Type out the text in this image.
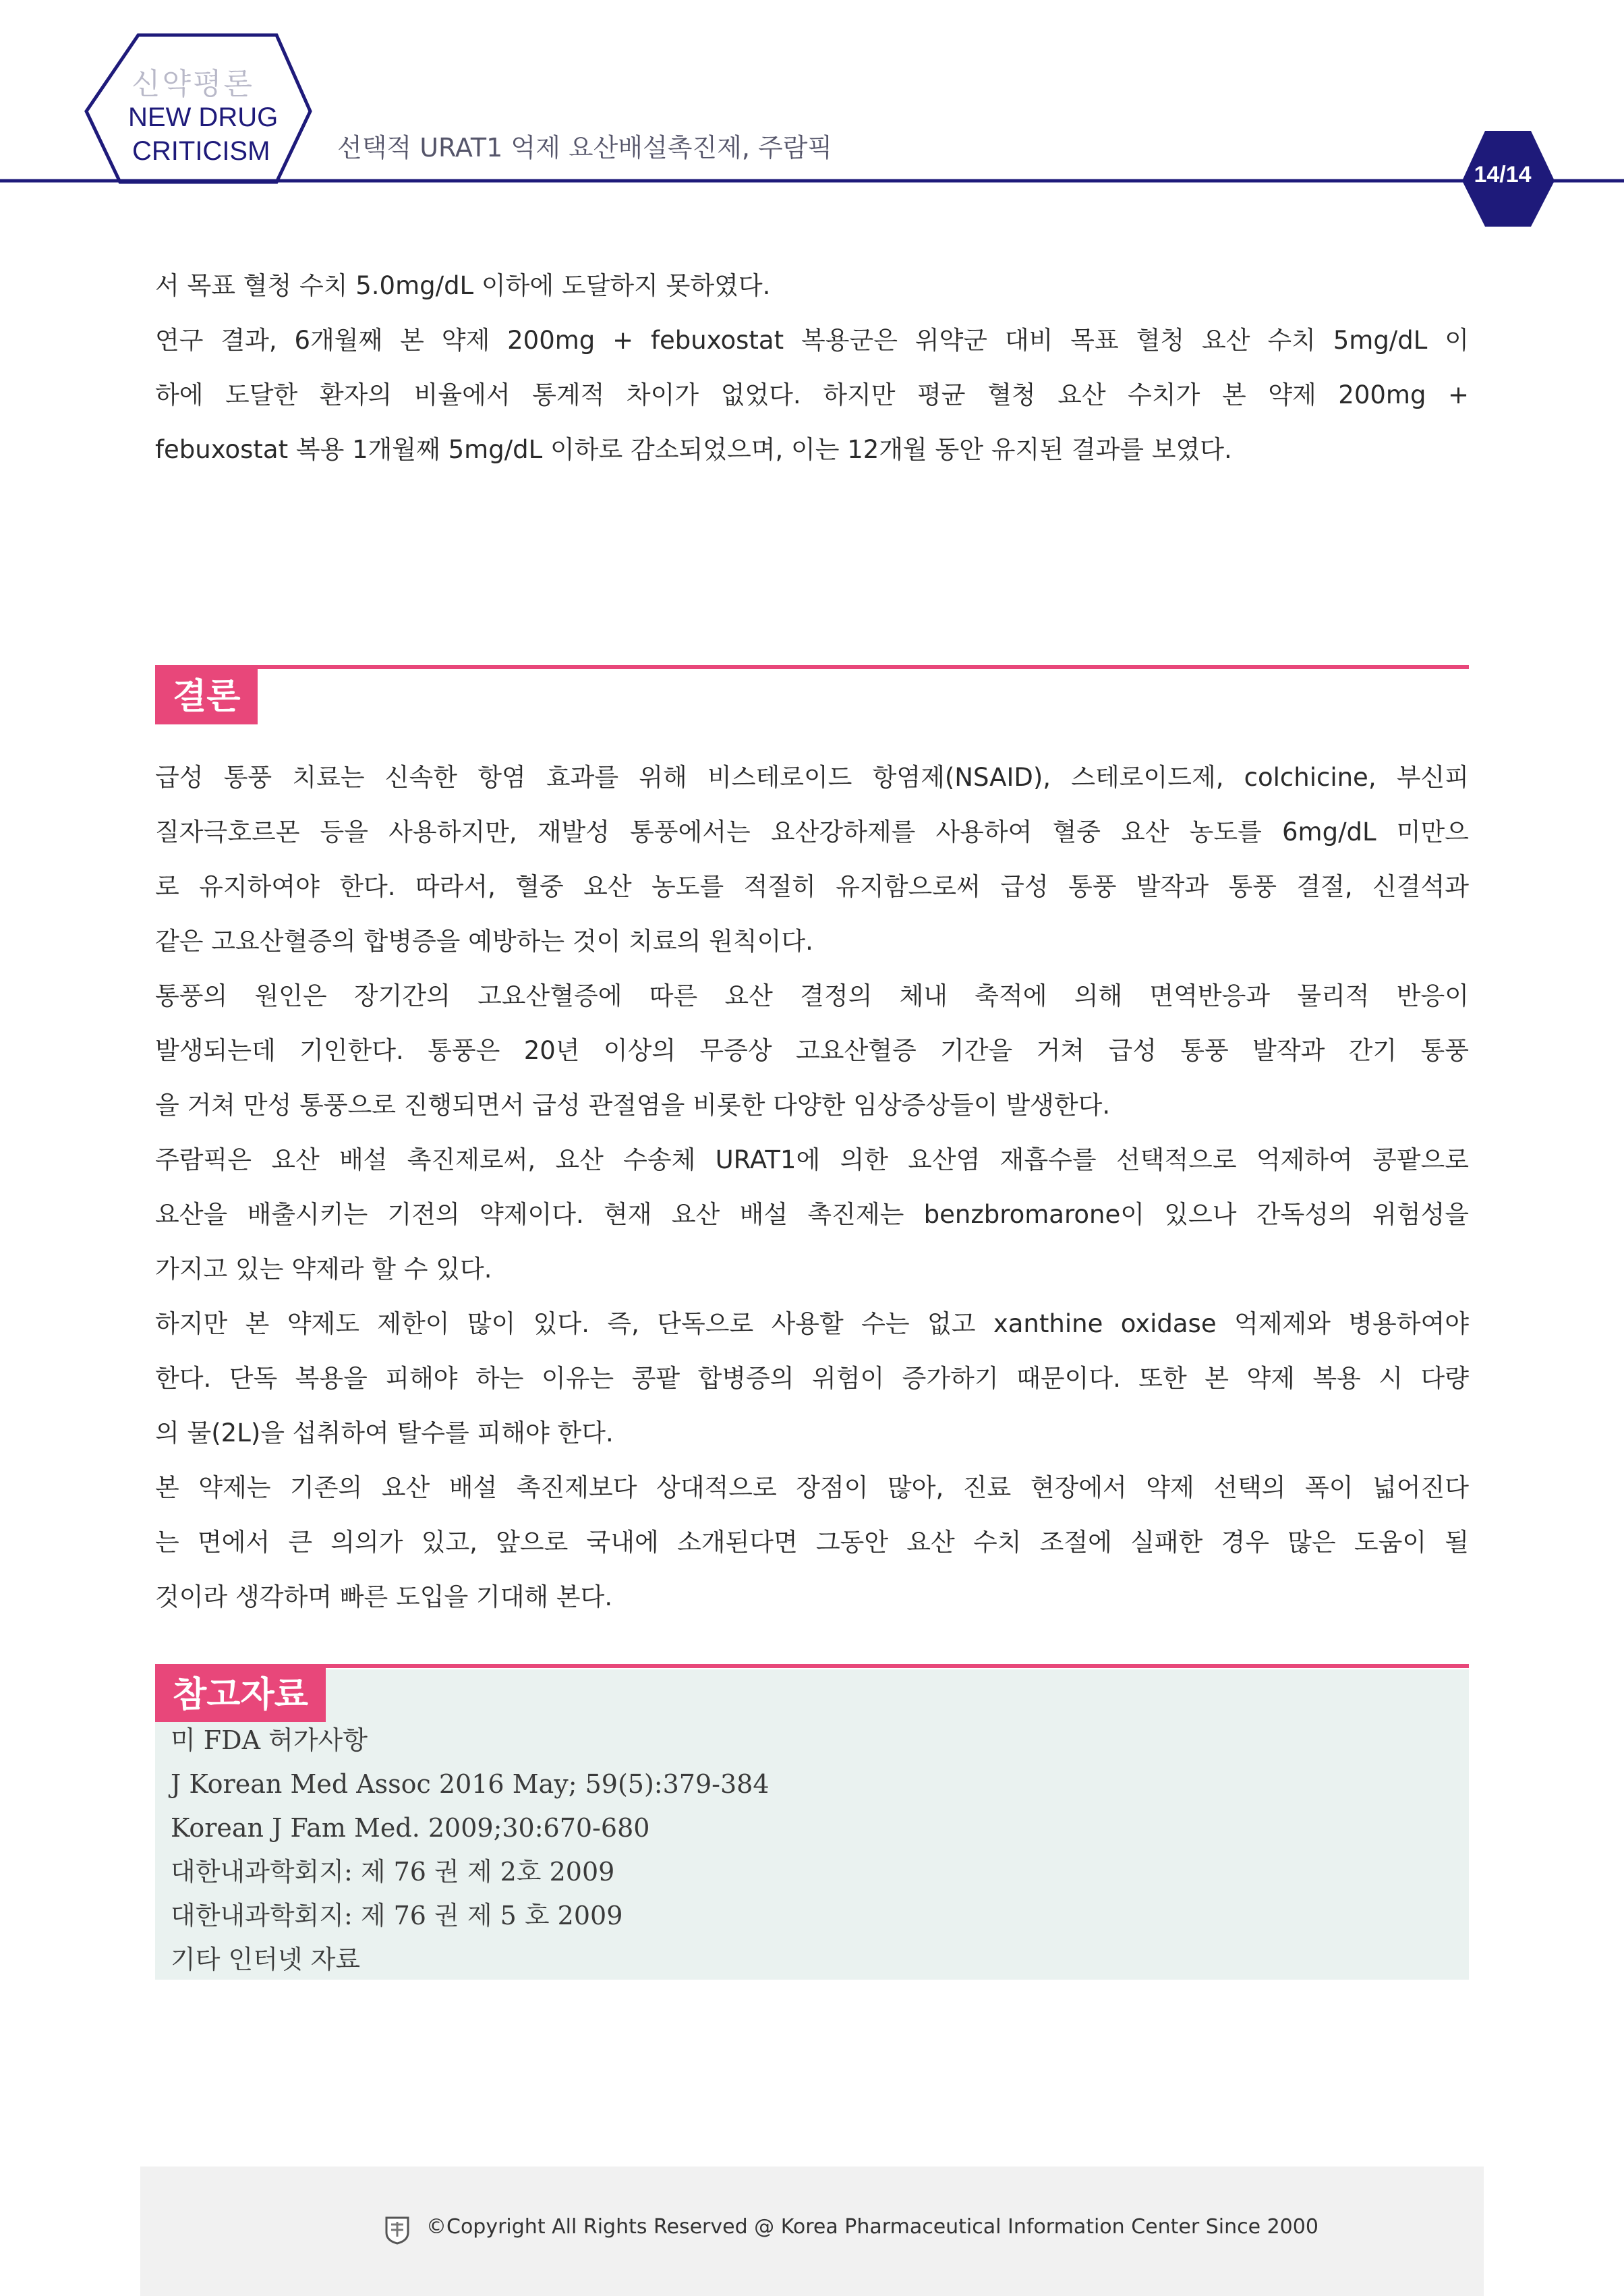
신약평론
NEW DRUG
CRITICISM	선택적 URAT1 억제 요산배설촉진제, 주람픽
14/14
서 목표 혈청 수치 5.0mg/dL 이하에 도달하지 못하였다.
연구 결과, 6개월째 본 약제 200mg + febuxostat 복용군은 위약군 대비 목표 혈청 요산 수치 5mg/dL 이
하에 도달한 환자의 비율에서 통계적 차이가 없었다. 하지만 평균 혈청 요산 수치가 본 약제 200mg +
febuxostat 복용 1개월째 5mg/dL 이하로 감소되었으며, 이는 12개월 동안 유지된 결과를 보였다.
결론
급성 통풍 치료는 신속한 항염 효과를 위해 비스테로이드 항염제(NSAID), 스테로이드제, colchicine, 부신피
질자극호르몬 등을 사용하지만, 재발성 통풍에서는 요산강하제를 사용하여 혈중 요산 농도를 6mg/dL 미만으
로 유지하여야 한다. 따라서, 혈중 요산 농도를 적절히 유지함으로써 급성 통풍 발작과 통풍 결절, 신결석과
같은 고요산혈증의 합병증을 예방하는 것이 치료의 원칙이다.
통풍의 원인은 장기간의 고요산혈증에 따른 요산 결정의 체내 축적에 의해 면역반응과 물리적 반응이
발생되는데 기인한다. 통풍은 20년 이상의 무증상 고요산혈증 기간을 거쳐 급성 통풍 발작과 간기 통풍
을 거쳐 만성 통풍으로 진행되면서 급성 관절염을 비롯한 다양한 임상증상들이 발생한다.
주람픽은 요산 배설 촉진제로써, 요산 수송체 URAT1에 의한 요산염 재흡수를 선택적으로 억제하여 콩팥으로
요산을 배출시키는 기전의 약제이다. 현재 요산 배설 촉진제는 benzbromarone이 있으나 간독성의 위험성을
가지고 있는 약제라 할 수 있다.
하지만 본 약제도 제한이 많이 있다. 즉, 단독으로 사용할 수는 없고 xanthine oxidase 억제제와 병용하여야
한다. 단독 복용을 피해야 하는 이유는 콩팥 합병증의 위험이 증가하기 때문이다. 또한 본 약제 복용 시 다량
의 물(2L)을 섭취하여 탈수를 피해야 한다.
본 약제는 기존의 요산 배설 촉진제보다 상대적으로 장점이 많아, 진료 현장에서 약제 선택의 폭이 넓어진다
는 면에서 큰 의의가 있고, 앞으로 국내에 소개된다면 그동안 요산 수치 조절에 실패한 경우 많은 도움이 될
것이라 생각하며 빠른 도입을 기대해 본다.
참고자료
미 FDA 허가사항
J Korean Med Assoc 2016 May; 59(5):379-384
Korean J Fam Med. 2009;30:670-680
대한내과학회지: 제 76 권 제 2호 2009
대한내과학회지: 제 76 권 제 5 호 2009
기타 인터넷 자료
©Copyright All Rights Reserved @ Korea Pharmaceutical Information Center Since 2000
